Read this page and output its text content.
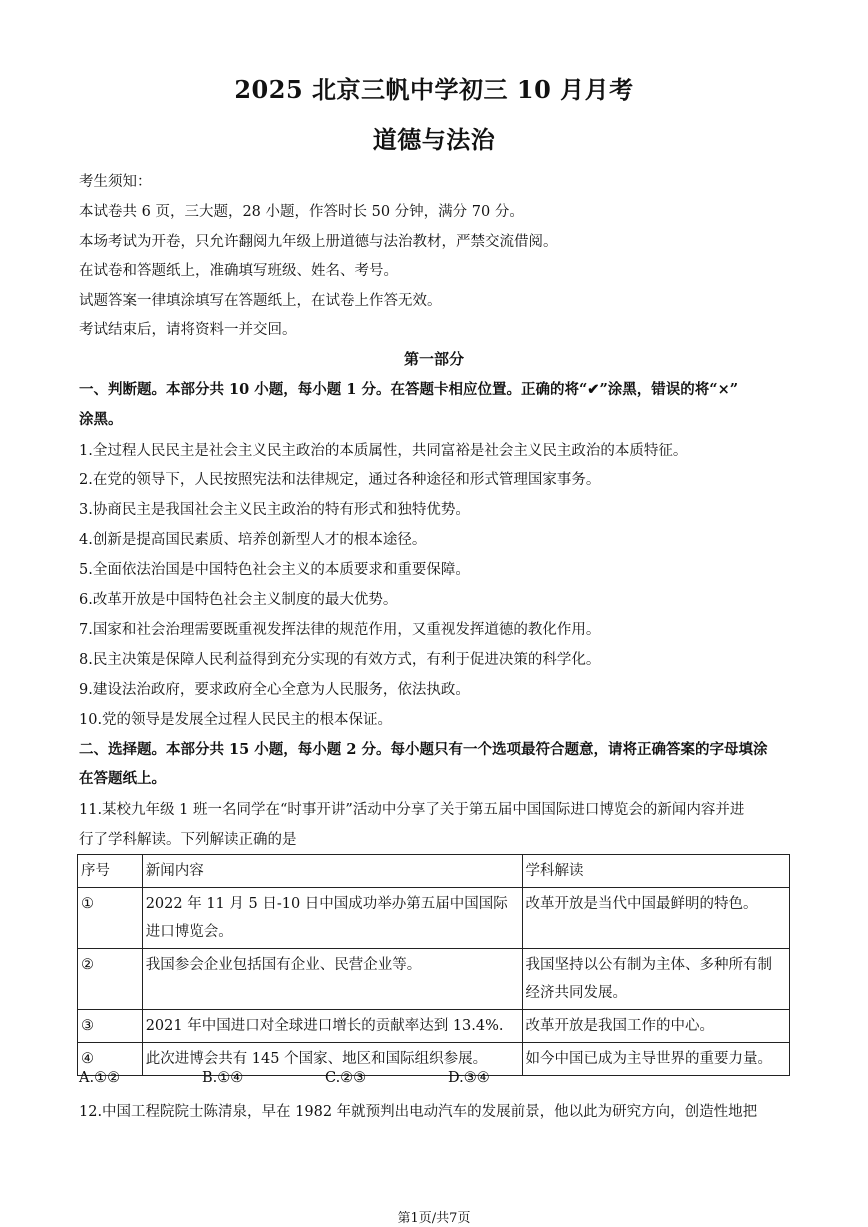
2025 北京三帆中学初三 10 月月考
道德与法治
考生须知：
本试卷共 6 页，三大题，28 小题，作答时长 50 分钟，满分 70 分。
本场考试为开卷，只允许翻阅九年级上册道德与法治教材，严禁交流借阅。
在试卷和答题纸上，准确填写班级、姓名、考号。
试题答案一律填涂填写在答题纸上，在试卷上作答无效。
考试结束后，请将资料一并交回。
第一部分
一、判断题。本部分共 10 小题，每小题 1 分。在答题卡相应位置。正确的将“✔”涂黑，错误的将“×”
涂黑。
1.全过程人民民主是社会主义民主政治的本质属性，共同富裕是社会主义民主政治的本质特征。
2.在党的领导下，人民按照宪法和法律规定，通过各种途径和形式管理国家事务。
3.协商民主是我国社会主义民主政治的特有形式和独特优势。
4.创新是提高国民素质、培养创新型人才的根本途径。
5.全面依法治国是中国特色社会主义的本质要求和重要保障。
6.改革开放是中国特色社会主义制度的最大优势。
7.国家和社会治理需要既重视发挥法律的规范作用，又重视发挥道德的教化作用。
8.民主决策是保障人民利益得到充分实现的有效方式，有利于促进决策的科学化。
9.建设法治政府，要求政府全心全意为人民服务，依法执政。
10.党的领导是发展全过程人民民主的根本保证。
二、选择题。本部分共 15 小题，每小题 2 分。每小题只有一个选项最符合题意，请将正确答案的字母填涂
在答题纸上。
11.某校九年级 1 班一名同学在“时事开讲”活动中分享了关于第五届中国国际进口博览会的新闻内容并进
行了学科解读。下列解读正确的是
序号	新闻内容	学科解读
①	2022 年 11 月 5 日-10 日中国成功举办第五届中国国际进口博览会。	改革开放是当代中国最鲜明的特色。
②	我国参会企业包括国有企业、民营企业等。	我国坚持以公有制为主体、多种所有制经济共同发展。
③	2021 年中国进口对全球进口增长的贡献率达到 13.4%.	改革开放是我国工作的中心。
④	此次进博会共有 145 个国家、地区和国际组织参展。	如今中国已成为主导世界的重要力量。
A.①②	B.①④	C.②③	D.③④
12.中国工程院院士陈清泉，早在 1982 年就预判出电动汽车的发展前景，他以此为研究方向，创造性地把
第1页/共7页
